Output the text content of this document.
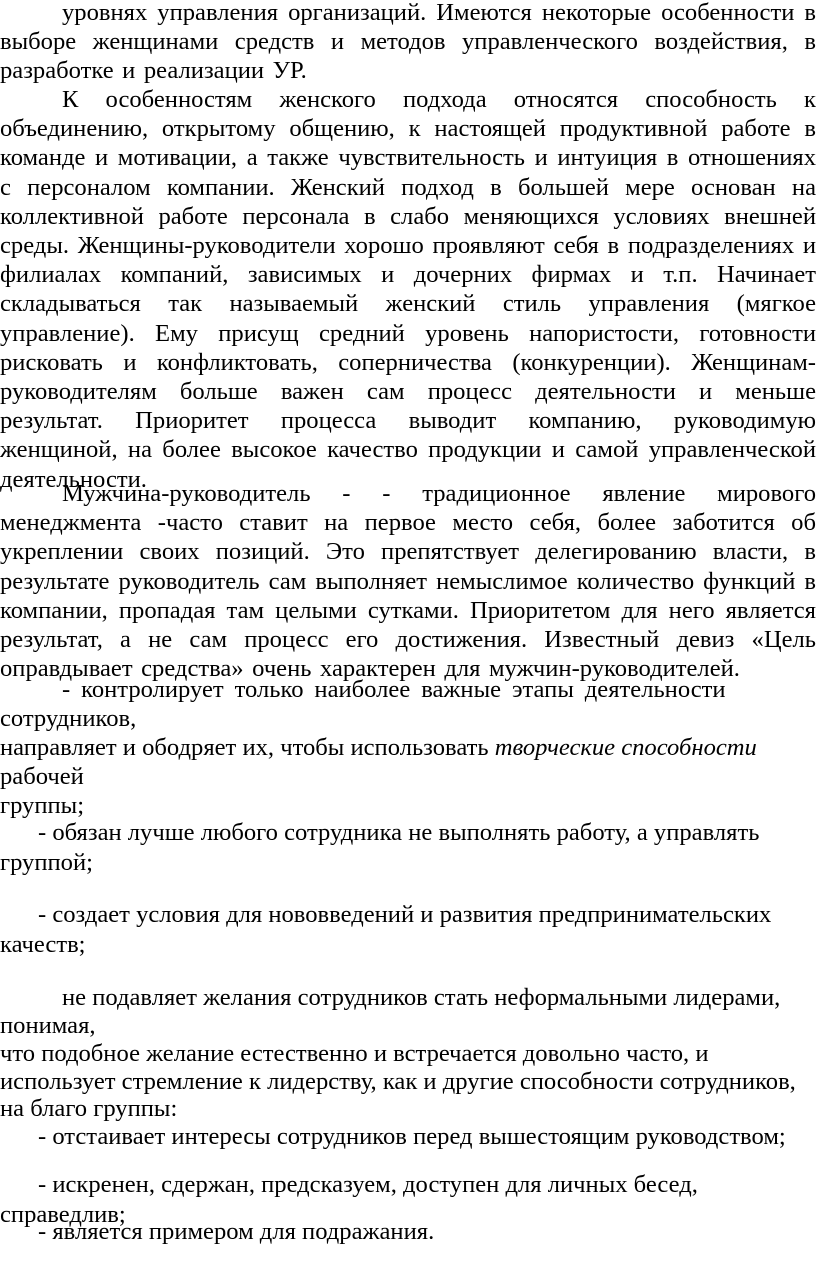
уровнях управления организаций. Имеются некоторые особенности в выборе женщинами средств и методов управленческого воздействия, в разработке и реализации УР.

К особенностям женского подхода относятся способность к объединению, открытому общению, к настоящей продуктивной работе в команде и мотивации, а также чувствительность и интуиция в отношениях с персоналом компании. Женский подход в большей мере основан на коллективной работе персонала в слабо меняющихся условиях внешней среды. Женщины-руководители хорошо проявляют себя в подразделениях и филиалах компаний, зависимых и дочерних фирмах и т.п. Начинает складываться так называемый женский стиль управления (мягкое управление). Ему присущ средний уровень напористости, готовности рисковать и конфликтовать, соперничества (конкуренции). Женщинам-руководителям больше важен сам процесс деятельности и меньше результат. Приоритет процесса выводит компанию, руководимую женщиной, на более высокое качество продукции и самой управленческой деятельности.

Мужчина-руководитель - - традиционное явление мирового менеджмента -часто ставит на первое место себя, более заботится об укреплении своих позиций. Это препятствует делегированию власти, в результате руководитель сам выполняет немыслимое количество функций в компании, пропадая там целыми сутками. Приоритетом для него является результат, а не сам процесс его достижения. Известный девиз «Цель оправдывает средства» очень характерен для мужчин-руководителей.

- контролирует только наиболее важные этапы деятельности
сотрудников,
направляет и ободряет их, чтобы использовать творческие способности
рабочей
группы;

- обязан лучше любого сотрудника не выполнять работу, а управлять группой;

- создает условия для нововведений и развития предпринимательских качеств;

не подавляет желания сотрудников стать неформальными лидерами,
понимая,
что подобное желание естественно и встречается довольно часто, и
использует стремление к лидерству, как и другие способности сотрудников,
на благо группы:

- отстаивает интересы сотрудников перед вышестоящим руководством;

- искренен, сдержан, предсказуем, доступен для личных бесед, справедлив;

- является примером для подражания.
